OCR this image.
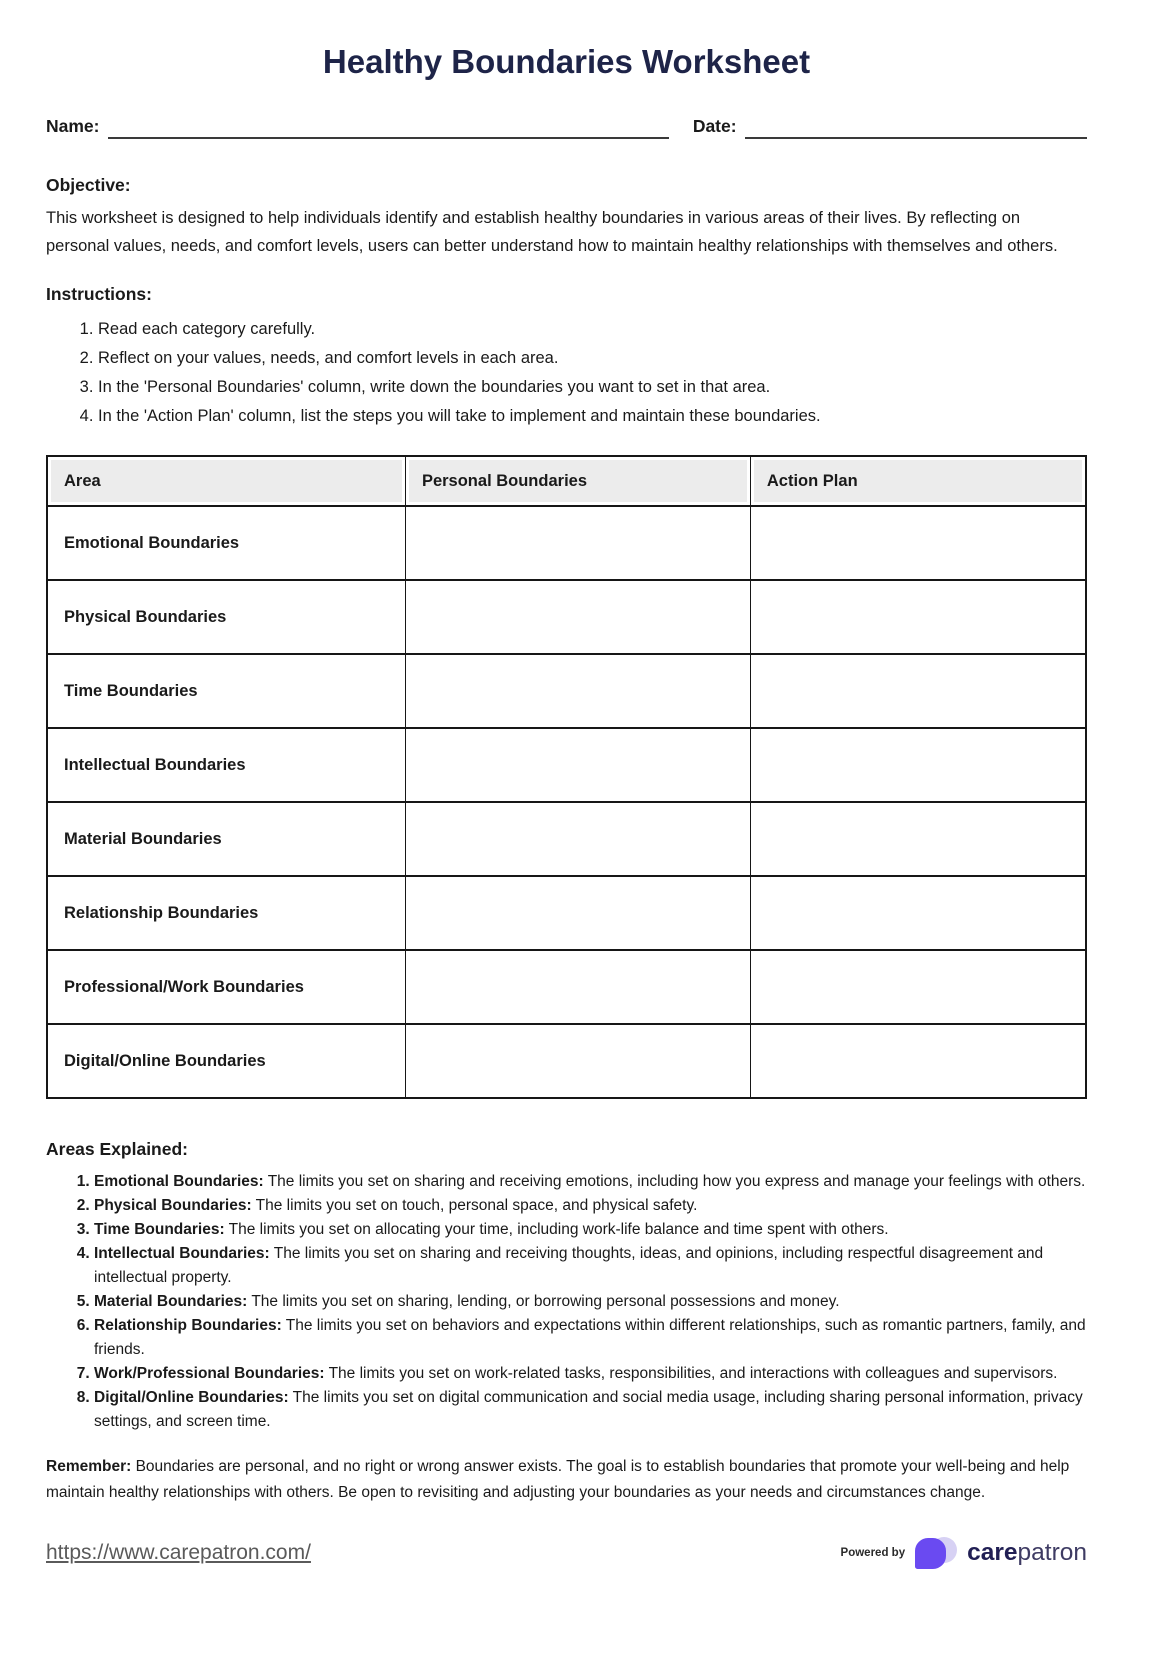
Healthy Boundaries Worksheet
Name:	Date:
Objective:

This worksheet is designed to help individuals identify and establish healthy boundaries in various areas of their lives. By reflecting on personal values, needs, and comfort levels, users can better understand how to maintain healthy relationships with themselves and others.

Instructions:
1. Read each category carefully.
2. Reflect on your values, needs, and comfort levels in each area.
3. In the 'Personal Boundaries' column, write down the boundaries you want to set in that area.
4. In the 'Action Plan' column, list the steps you will take to implement and maintain these boundaries.
Area	Personal Boundaries	Action Plan
Emotional Boundaries		
Physical Boundaries		
Time Boundaries		
Intellectual Boundaries		
Material Boundaries		
Relationship Boundaries		
Professional/Work Boundaries		
Digital/Online Boundaries		
Areas Explained:
1. Emotional Boundaries: The limits you set on sharing and receiving emotions, including how you express and manage your feelings with others.
2. Physical Boundaries: The limits you set on touch, personal space, and physical safety.
3. Time Boundaries: The limits you set on allocating your time, including work-life balance and time spent with others.
4. Intellectual Boundaries: The limits you set on sharing and receiving thoughts, ideas, and opinions, including respectful disagreement and intellectual property.
5. Material Boundaries: The limits you set on sharing, lending, or borrowing personal possessions and money.
6. Relationship Boundaries: The limits you set on behaviors and expectations within different relationships, such as romantic partners, family, and friends.
7. Work/Professional Boundaries: The limits you set on work-related tasks, responsibilities, and interactions with colleagues and supervisors.
8. Digital/Online Boundaries: The limits you set on digital communication and social media usage, including sharing personal information, privacy settings, and screen time.

Remember: Boundaries are personal, and no right or wrong answer exists. The goal is to establish boundaries that promote your well-being and help maintain healthy relationships with others. Be open to revisiting and adjusting your boundaries as your needs and circumstances change.

https://www.carepatron.com/	Powered by	carepatron
